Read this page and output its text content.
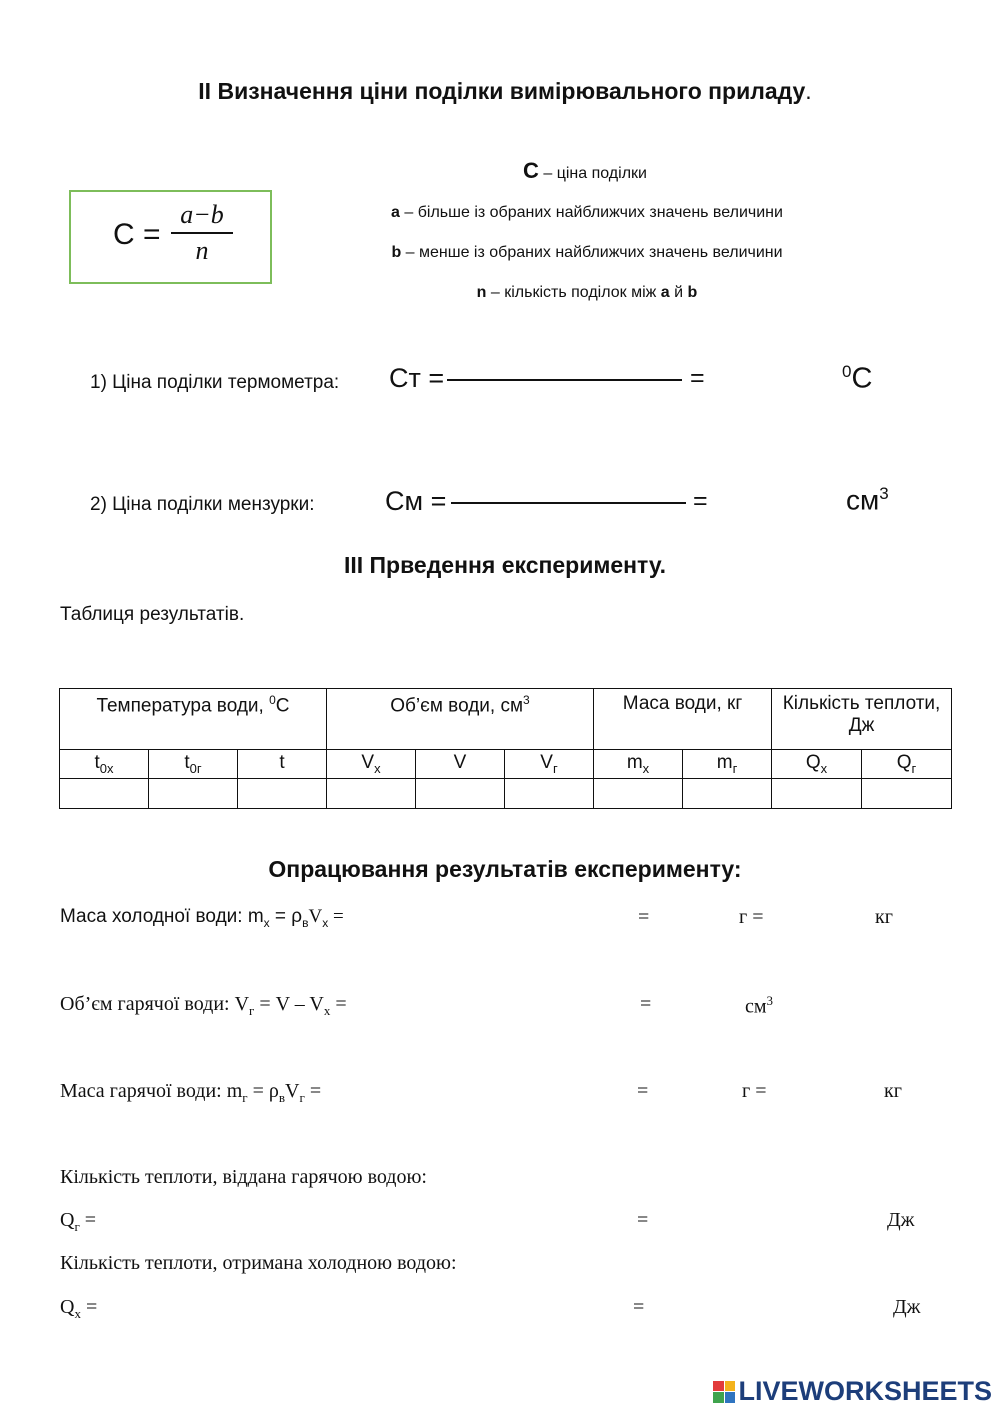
ІІ Визначення ціни поділки вимірювального приладу.
$C = \frac{a-b}{n}$
C – ціна поділки
a – більше із обраних найближчих значень величини
b – менше із обраних найближчих значень величини
n – кількість поділок між a й b
1) Ціна поділки термометра: Cт =	=	$^0$C
2) Ціна поділки мензурки:	Cм =	=	$см^3$
ІІІ Прведення експерименту.
Таблиця результатів.
Температура води, $^0$C			Об’єм води, $см^3$			Маса води, кг		Кількість теплоти, Дж	
$t_{0х}$	$t_{0г}$	t	$V_х$	V	$V_г$	$m_х$	$m_г$	$Q_х$	$Q_г$

Опрацювання результатів експерименту:
Маса холодної води: $m_х = \rho_вV_х$ =	=	г =	кг
Об’єм гарячої води: $V_г = V - V_х$ =	=	$см^3$
Маса гарячої води: $m_г = \rho_вV_г$ =	=	г =	кг
Кількість теплоти, віддана гарячою водою:
$Q_г$ =	=	Дж
Кількість теплоти, отримана холодною водою:
$Q_х$ =	=	Дж
LIVEWORKSHEETS
